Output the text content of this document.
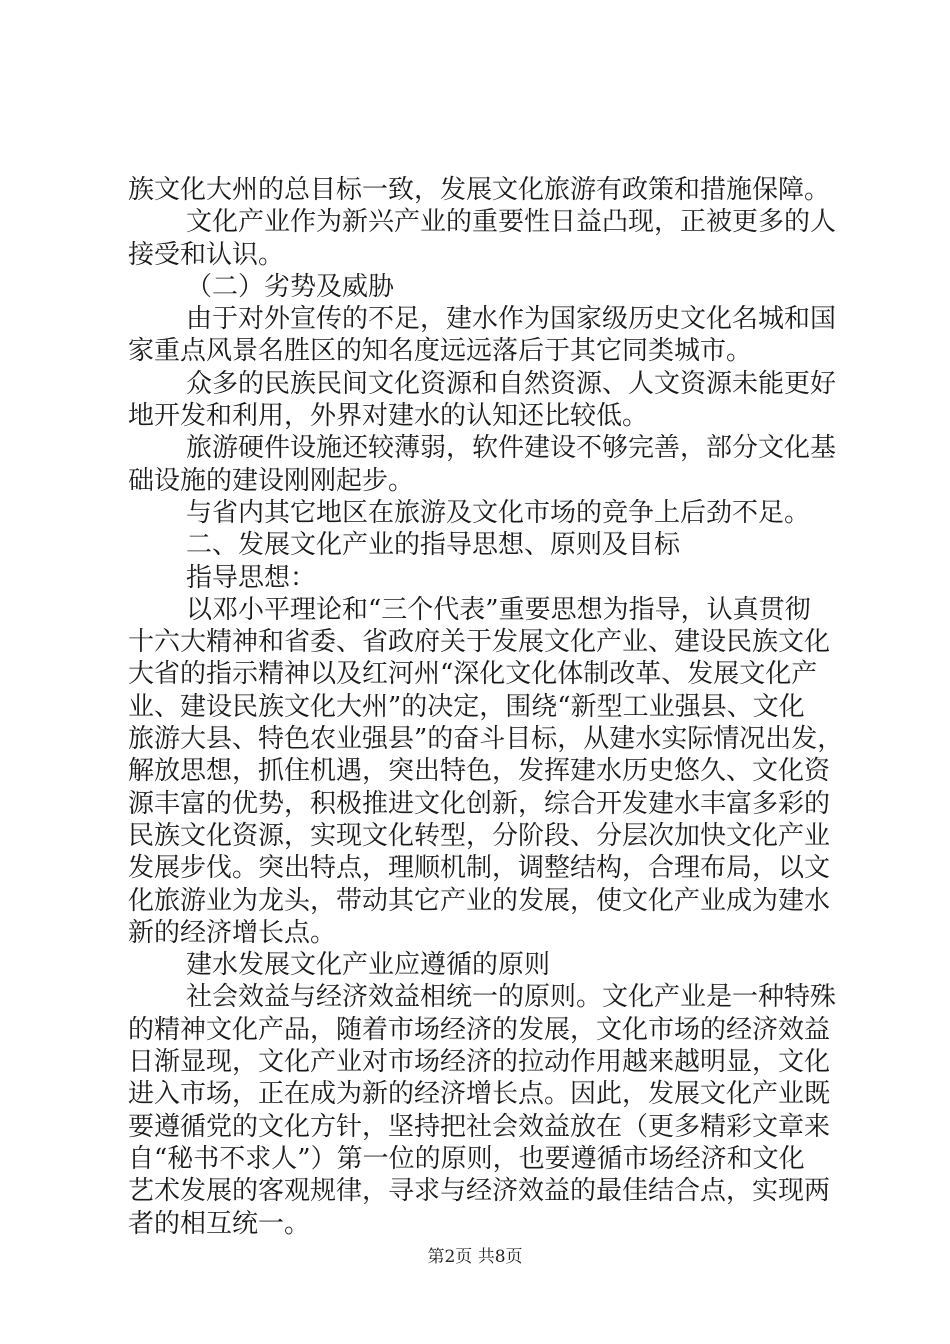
族文化大州的总目标一致，发展文化旅游有政策和措施保障。
文化产业作为新兴产业的重要性日益凸现，正被更多的人
接受和认识。
（二）劣势及威胁
由于对外宣传的不足，建水作为国家级历史文化名城和国
家重点风景名胜区的知名度远远落后于其它同类城市。
众多的民族民间文化资源和自然资源、人文资源未能更好
地开发和利用，外界对建水的认知还比较低。
旅游硬件设施还较薄弱，软件建设不够完善，部分文化基
础设施的建设刚刚起步。
与省内其它地区在旅游及文化市场的竞争上后劲不足。
二、发展文化产业的指导思想、原则及目标
指导思想：
以邓小平理论和“三个代表”重要思想为指导，认真贯彻
十六大精神和省委、省政府关于发展文化产业、建设民族文化
大省的指示精神以及红河州“深化文化体制改革、发展文化产
业、建设民族文化大州”的决定，围绕“新型工业强县、文化
旅游大县、特色农业强县”的奋斗目标，从建水实际情况出发，
解放思想，抓住机遇，突出特色，发挥建水历史悠久、文化资
源丰富的优势，积极推进文化创新，综合开发建水丰富多彩的
民族文化资源，实现文化转型，分阶段、分层次加快文化产业
发展步伐。突出特点，理顺机制，调整结构，合理布局，以文
化旅游业为龙头，带动其它产业的发展，使文化产业成为建水
新的经济增长点。
建水发展文化产业应遵循的原则
社会效益与经济效益相统一的原则。文化产业是一种特殊
的精神文化产品，随着市场经济的发展，文化市场的经济效益
日渐显现，文化产业对市场经济的拉动作用越来越明显，文化
进入市场，正在成为新的经济增长点。因此，发展文化产业既
要遵循党的文化方针，坚持把社会效益放在（更多精彩文章来
自“秘书不求人”）第一位的原则，也要遵循市场经济和文化
艺术发展的客观规律，寻求与经济效益的最佳结合点，实现两
者的相互统一。
第2页 共8页
